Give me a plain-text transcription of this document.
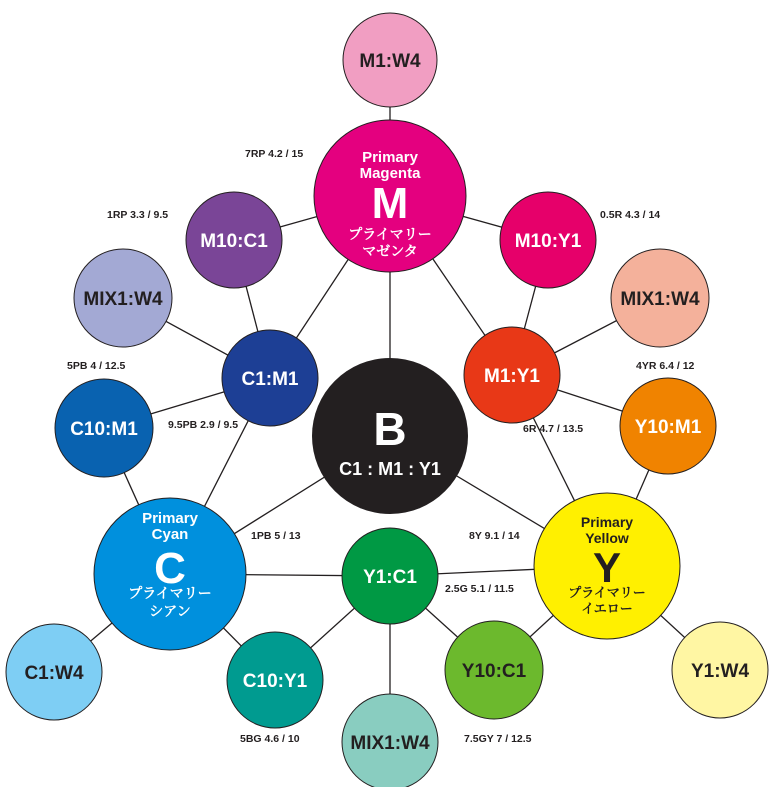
7RP 4.2 / 15
1RP 3.3 / 9.5	0.5R 4.3 / 14
5PB 4 / 12.5
9.5PB 2.9 / 9.5
4YR 6.4 / 12
6R 4.7 / 13.5
1PB 5 / 13	8Y 9.1 / 14
2.5G 5.1 / 11.5
5BG 4.6 / 10	7.5GY 7 / 12.5
M1:W4
Primary
Magenta
M
プライマリー
マゼンタ
M10:C1	M10:Y1
MIX1:W4	MIX1:W4
C1:M1	M1:Y1
B
C1 : M1 : Y1
C10:M1	Y10:M1
Primary
Cyan
C
プライマリー
シアン
Y1:C1
Primary
Yellow
Y
プライマリー
イエロー
C1:W4	C10:Y1	Y10:C1
MIX1:W4
Y1:W4
